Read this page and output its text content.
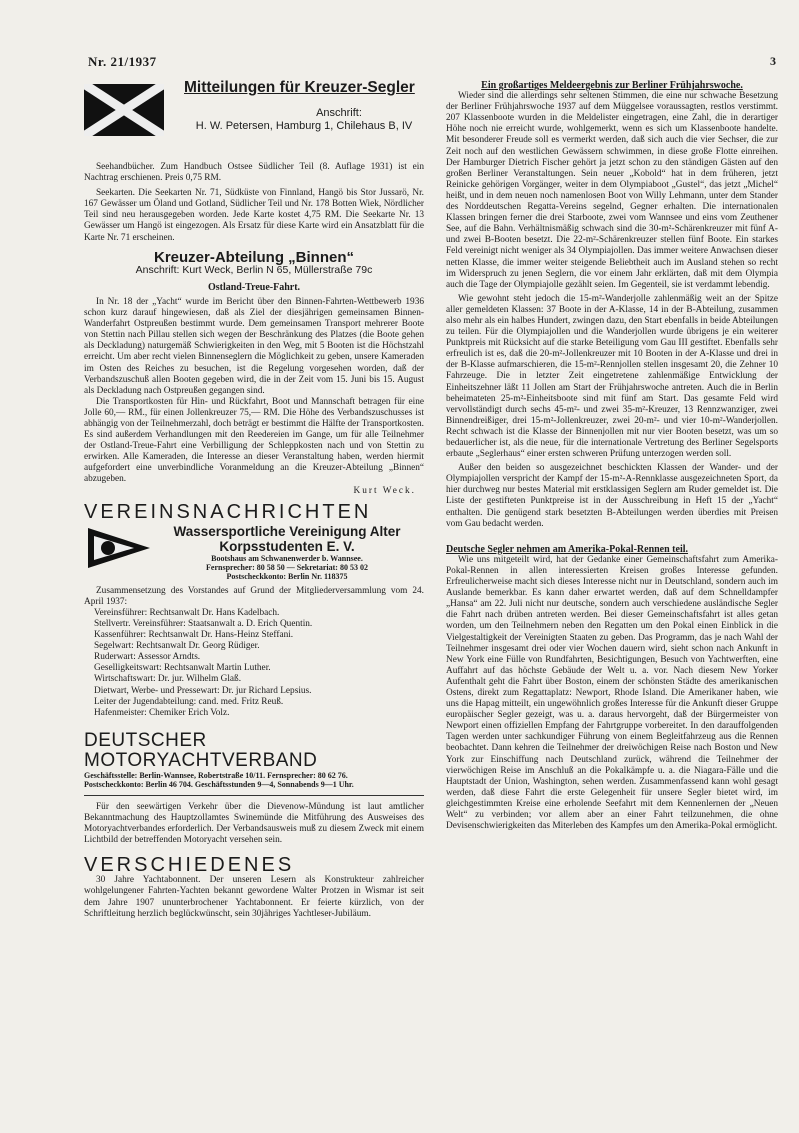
Nr. 21/1937	3
Mitteilungen für Kreuzer-Segler
Anschrift:
H. W. Petersen, Hamburg 1, Chilehaus B, IV

Seehandbücher. Zum Handbuch Ostsee Südlicher Teil (8. Auflage 1931) ist ein Nachtrag erschienen. Preis 0,75 RM.

Seekarten. Die Seekarten Nr. 71, Südküste von Finnland, Hangö bis Stor Jussarö, Nr. 167 Gewässer um Öland und Gotland, Südlicher Teil und Nr. 178 Botten Wiek, Nördlicher Teil sind neu herausgegeben worden. Jede Karte kostet 4,75 RM. Die Seekarte Nr. 13 Gewässer um Hangö ist eingezogen. Als Ersatz für diese Karte wird ein Ansatzblatt für die Karte Nr. 71 erscheinen.

Kreuzer-Abteilung „Binnen“
Anschrift: Kurt Weck, Berlin N 65, Müllerstraße 79c
Ostland-Treue-Fahrt.

In Nr. 18 der „Yacht“ wurde im Bericht über den Binnen-Fahrten-Wettbewerb 1936 schon kurz darauf hingewiesen, daß als Ziel der diesjährigen gemeinsamen Binnen-Wanderfahrt Ostpreußen bestimmt wurde. Dem gemeinsamen Transport mehrerer Boote von Stettin nach Pillau stellen sich wegen der Beschränkung des Platzes (die Boote gehen als Deckladung) naturgemäß Schwierigkeiten in den Weg, mit 5 Booten ist die Höchstzahl erreicht. Um aber recht vielen Binnenseglern die Möglichkeit zu geben, unsere Kameraden im Osten des Reiches zu besuchen, ist die Regelung vorgesehen worden, daß der Verbandszuschuß allen Booten gegeben wird, die in der Zeit vom 15. Juni bis 15. August als Deckladung nach Ostpreußen gegangen sind.

Die Transportkosten für Hin- und Rückfahrt, Boot und Mannschaft betragen für eine Jolle 60,— RM., für einen Jollenkreuzer 75,— RM. Die Höhe des Verbandszuschusses ist abhängig von der Teilnehmerzahl, doch beträgt er bestimmt die Hälfte der Transportkosten. Es sind außerdem Verhandlungen mit den Reedereien im Gange, um für alle Teilnehmer der Ostland-Treue-Fahrt eine Verbilligung der Schleppkosten nach und von Stettin zu erwirken. Alle Kameraden, die Interesse an dieser Veranstaltung haben, werden hiermit aufgefordert eine unverbindliche Voranmeldung an die Kreuzer-Abteilung „Binnen“ abzugeben.

Kurt Weck.
VEREINSNACHRICHTEN
Wassersportliche Vereinigung Alter Korpsstudenten E. V.
Bootshaus am Schwanenwerder b. Wannsee.
Fernsprecher: 80 58 50 — Sekretariat: 80 53 02
Postscheckkonto: Berlin Nr. 118375

Zusammensetzung des Vorstandes auf Grund der Mitgliederversammlung vom 24. April 1937:

Vereinsführer: Rechtsanwalt Dr. Hans Kadelbach.

Stellvertr. Vereinsführer: Staatsanwalt a. D. Erich Quentin.

Kassenführer: Rechtsanwalt Dr. Hans-Heinz Steffani.

Segelwart: Rechtsanwalt Dr. Georg Rüdiger.

Ruderwart: Assessor Arndts.

Geselligkeitswart: Rechtsanwalt Martin Luther.

Wirtschaftswart: Dr. jur. Wilhelm Glaß.

Dietwart, Werbe- und Pressewart: Dr. jur Richard Lepsius.

Leiter der Jugendabteilung: cand. med. Fritz Reuß.

Hafenmeister: Chemiker Erich Volz.

DEUTSCHER MOTORYACHTVERBAND
Geschäftsstelle: Berlin-Wannsee, Robertstraße 10/11. Fernsprecher: 80 62 76.
Postscheckkonto: Berlin 46 704. Geschäftsstunden 9—4, Sonnabends 9—1 Uhr.

Für den seewärtigen Verkehr über die Dievenow-Mündung ist laut amtlicher Bekanntmachung des Hauptzollamtes Swinemünde die Mitführung des Ausweises des Motoryachtverbandes erforderlich. Der Verbandsausweis muß zu diesem Zweck mit einem Lichtbild der betreffenden Motoryacht versehen sein.

VERSCHIEDENES

30 Jahre Yachtabonnent. Der unseren Lesern als Konstrukteur zahlreicher wohlgelungener Fahrten-Yachten bekannt gewordene Walter Protzen in Wismar ist seit dem Jahre 1907 ununterbrochener Yachtabonnent. Er feierte kürzlich, von der Schriftleitung herzlich beglückwünscht, sein 30jähriges Yachtleser-Jubiläum.

Ein großartiges Meldeergebnis zur Berliner Frühjahrswoche.

Wieder sind die allerdings sehr seltenen Stimmen, die eine nur schwache Besetzung der Berliner Frühjahrswoche 1937 auf dem Müggelsee voraussagten, restlos verstimmt. 207 Klassenboote wurden in die Meldelister eingetragen, eine Zahl, die in derartiger Höhe noch nie erreicht wurde, wohlgemerkt, wenn es sich um Klassenboote handelte. Mit besonderer Freude soll es vermerkt werden, daß sich auch die vier Sechser, die zur Zeit noch auf den westlichen Gewässern schwimmen, in diese große Flotte einreihen. Der Hamburger Dietrich Fischer gehört ja jetzt schon zu den ständigen Gästen auf den großen Berliner Veranstaltungen. Sein neuer „Kobold“ hat in dem früheren, jetzt Reinicke gehörigen Vorgänger, weiter in dem Olympiaboot „Gustel“, das jetzt „Michel“ heißt, und in dem neuen noch namenlosen Boot von Willy Lehmann, unter dem Stander des Norddeutschen Regatta-Vereins segelnd, Gegner erhalten. Die internationalen Klassen bringen ferner die drei Starboote, zwei vom Wannsee und eins vom Zeuthener See, auf die Bahn. Verhältnismäßig schwach sind die 30-m²-Schärenkreuzer mit fünf A- und zwei B-Booten besetzt. Die 22-m²-Schärenkreuzer stellen fünf Boote. Ein starkes Feld vereinigt nicht weniger als 34 Olympiajollen. Das immer weitere Anwachsen dieser netten Klasse, die immer weiter steigende Beliebtheit auch im Ausland stehen so recht im Widerspruch zu jenen Seglern, die vor einem Jahr erklärten, daß mit dem Olympia auch die Tage der Olympiajolle gezählt seien. Im Gegenteil, sie ist verdammt lebendig.

Wie gewohnt steht jedoch die 15-m²-Wanderjolle zahlenmäßig weit an der Spitze aller gemeldeten Klassen: 37 Boote in der A-Klasse, 14 in der B-Abteilung, zusammen also mehr als ein halbes Hundert, zwingen dazu, den Start ebenfalls in beide Abteilungen zu teilen. Für die Olympiajollen und die Wanderjollen wurde übrigens je ein weiterer Punktpreis mit Rücksicht auf die starke Beteiligung vom Gau III gestiftet. Ebenfalls sehr erfreulich ist es, daß die 20-m²-Jollenkreuzer mit 10 Booten in der A-Klasse und drei in der B-Klasse aufmarschieren, die 15-m²-Rennjollen stellen insgesamt 20, die Zehner 10 Fahrzeuge. Die in letzter Zeit eingetretene zahlenmäßige Entwicklung der Einheitszehner läßt 11 Jollen am Start der Frühjahrswoche antreten. Auch die in Berlin beheimateten 25-m²-Einheitsboote sind mit fünf am Start. Das gesamte Feld wird vervollständigt durch sechs 45-m²- und zwei 35-m²-Kreuzer, 13 Rennzwanziger, zwei Binnendreißiger, drei 15-m²-Jollenkreuzer, zwei 20-m²- und vier 10-m²-Wanderjollen. Recht schwach ist die Klasse der Binnenjollen mit nur vier Booten besetzt, was um so bedauerlicher ist, als die neue, für die internationale Vertretung des Berliner Segelsports erbaute „Seglerhaus“ einer ersten schweren Prüfung unterzogen werden soll.

Außer den beiden so ausgezeichnet beschickten Klassen der Wander- und der Olympiajollen verspricht der Kampf der 15-m²-A-Rennklasse ausgezeichneten Sport, da hier durchweg nur bestes Material mit erstklassigen Seglern am Ruder gemeldet ist. Die Liste der gestifteten Punktpreise ist in der Ausschreibung in Heft 15 der „Yacht“ enthalten. Die genügend stark besetzten B-Abteilungen werden überdies mit Preisen vom Gau bedacht werden.

Deutsche Segler nehmen am Amerika-Pokal-Rennen teil.

Wie uns mitgeteilt wird, hat der Gedanke einer Gemeinschaftsfahrt zum Amerika-Pokal-Rennen in allen interessierten Kreisen großes Interesse gefunden. Erfreulicherweise macht sich dieses Interesse nicht nur in Deutschland, sondern auch im Auslande bemerkbar. Es kann daher erwartet werden, daß auf dem Schnelldampfer „Hansa“ am 22. Juli nicht nur deutsche, sondern auch verschiedene ausländische Segler die Fahrt nach drüben antreten werden. Bei dieser Gemeinschaftsfahrt ist alles getan worden, um den Teilnehmern neben den Regatten um den Pokal einen Einblick in die Vielgestaltigkeit der Vereinigten Staaten zu geben. Das Programm, das je nach Wahl der Teilnehmer insgesamt drei oder vier Wochen dauern wird, sieht schon nach Ankunft in New York eine Fülle von Rundfahrten, Besichtigungen, Besuch von Yachtwerften, eine Auffahrt auf das höchste Gebäude der Welt u. a. vor. Nach diesem New Yorker Aufenthalt geht die Fahrt über Boston, einem der schönsten Städte des amerikanischen Ostens, direkt zum Regattaplatz: Newport, Rhode Island. Die Amerikaner haben, wie uns die Hapag mitteilt, ein ungewöhnlich großes Interesse für die Ankunft dieser Gruppe europäischer Segler gezeigt, was u. a. daraus hervorgeht, daß der Bürgermeister von Newport einen offiziellen Empfang der Fahrtgruppe vorbereitet. In den darauffolgenden Tagen werden unter sachkundiger Führung von einem Begleitfahrzeug aus die Rennen beobachtet. Dann kehren die Teilnehmer der dreiwöchigen Reise nach Boston und New York zur Einschiffung nach Deutschland zurück, während die Teilnehmer der vierwöchigen Reise im Anschluß an die Pokalkämpfe u. a. die Niagara-Fälle und die Hauptstadt der Union, Washington, sehen werden. Zusammenfassend kann wohl gesagt werden, daß diese Fahrt die erste Gelegenheit für unsere Segler bietet wird, im gleichgestimmten Kreise eine erholende Seefahrt mit dem Kennenlernen der „Neuen Welt“ zu verbinden; vor allem aber an einer Fahrt teilzunehmen, die ohne Devisenschwierigkeiten das Miterleben des Kampfes um den Amerika-Pokal ermöglicht.
